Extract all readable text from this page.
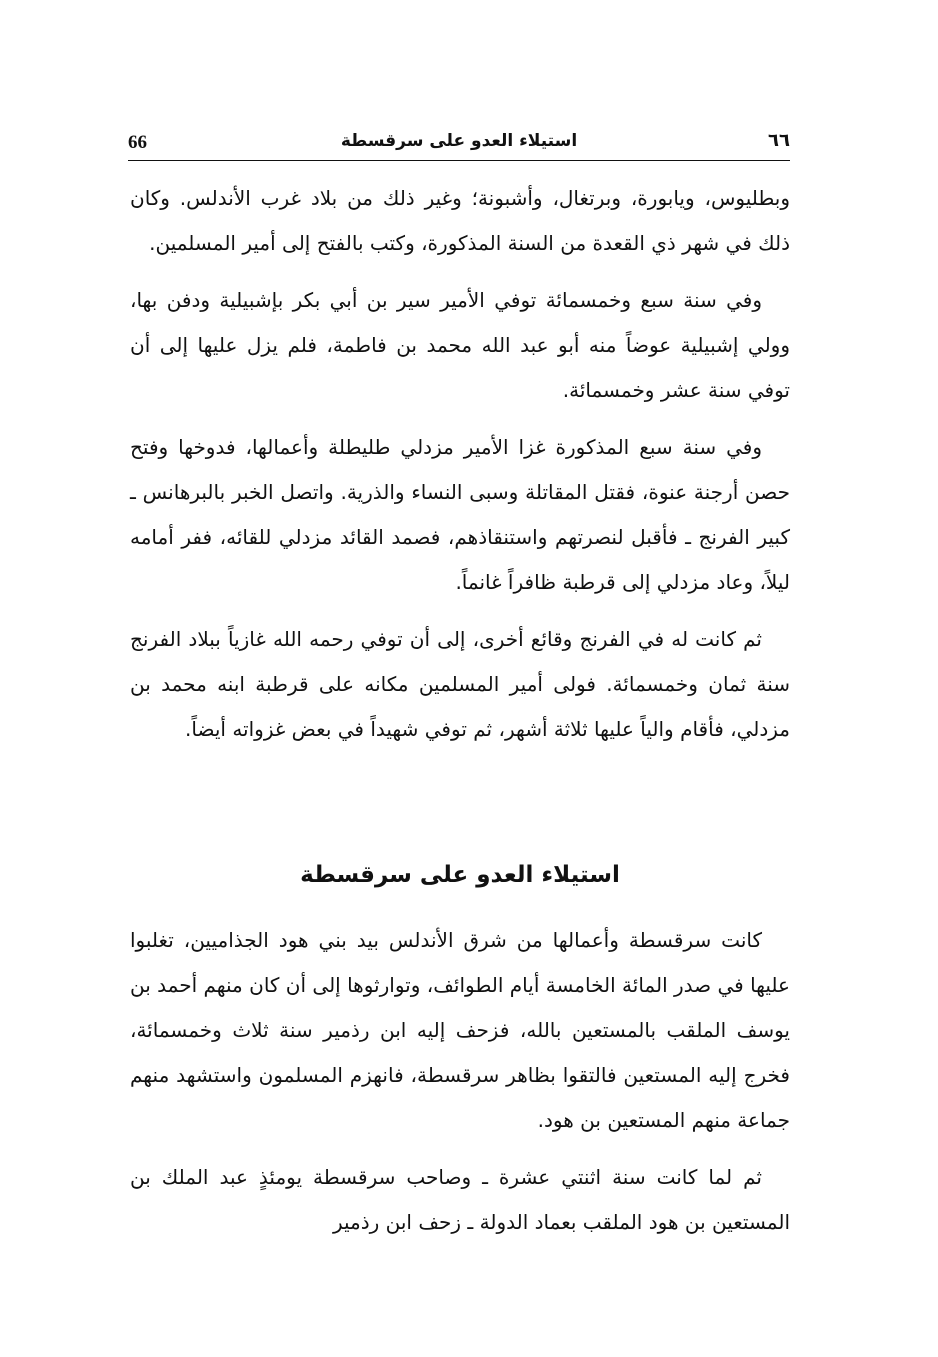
66	استيلاء العدو على سرقسطة	٦٦

وبطليوس، ويابورة، وبرتغال، وأشبونة؛ وغير ذلك من بلاد غرب الأندلس. وكان ذلك في شهر ذي القعدة من السنة المذكورة، وكتب بالفتح إلى أمير المسلمين.

وفي سنة سبع وخمسمائة توفي الأمير سير بن أبي بكر بإشبيلية ودفن بها، وولي إشبيلية عوضاً منه أبو عبد الله محمد بن فاطمة، فلم يزل عليها إلى أن توفي سنة عشر وخمسمائة.

وفي سنة سبع المذكورة غزا الأمير مزدلي طليطلة وأعمالها، فدوخها وفتح حصن أرجنة عنوة، فقتل المقاتلة وسبى النساء والذرية. واتصل الخبر بالبرهانس ـ كبير الفرنج ـ فأقبل لنصرتهم واستنقاذهم، فصمد القائد مزدلي للقائه، ففر أمامه ليلاً، وعاد مزدلي إلى قرطبة ظافراً غانماً.

ثم كانت له في الفرنج وقائع أخرى، إلى أن توفي رحمه الله غازياً ببلاد الفرنج سنة ثمان وخمسمائة. فولى أمير المسلمين مكانه على قرطبة ابنه محمد بن مزدلي، فأقام والياً عليها ثلاثة أشهر، ثم توفي شهيداً في بعض غزواته أيضاً.

استيلاء العدو على سرقسطة

كانت سرقسطة وأعمالها من شرق الأندلس بيد بني هود الجذاميين، تغلبوا عليها في صدر المائة الخامسة أيام الطوائف، وتوارثوها إلى أن كان منهم أحمد بن يوسف الملقب بالمستعين بالله، فزحف إليه ابن رذمير سنة ثلاث وخمسمائة، فخرج إليه المستعين فالتقوا بظاهر سرقسطة، فانهزم المسلمون واستشهد منهم جماعة منهم المستعين بن هود.

ثم لما كانت سنة اثنتي عشرة ـ وصاحب سرقسطة يومئذٍ عبد الملك بن المستعين بن هود الملقب بعماد الدولة ـ زحف ابن رذمير
